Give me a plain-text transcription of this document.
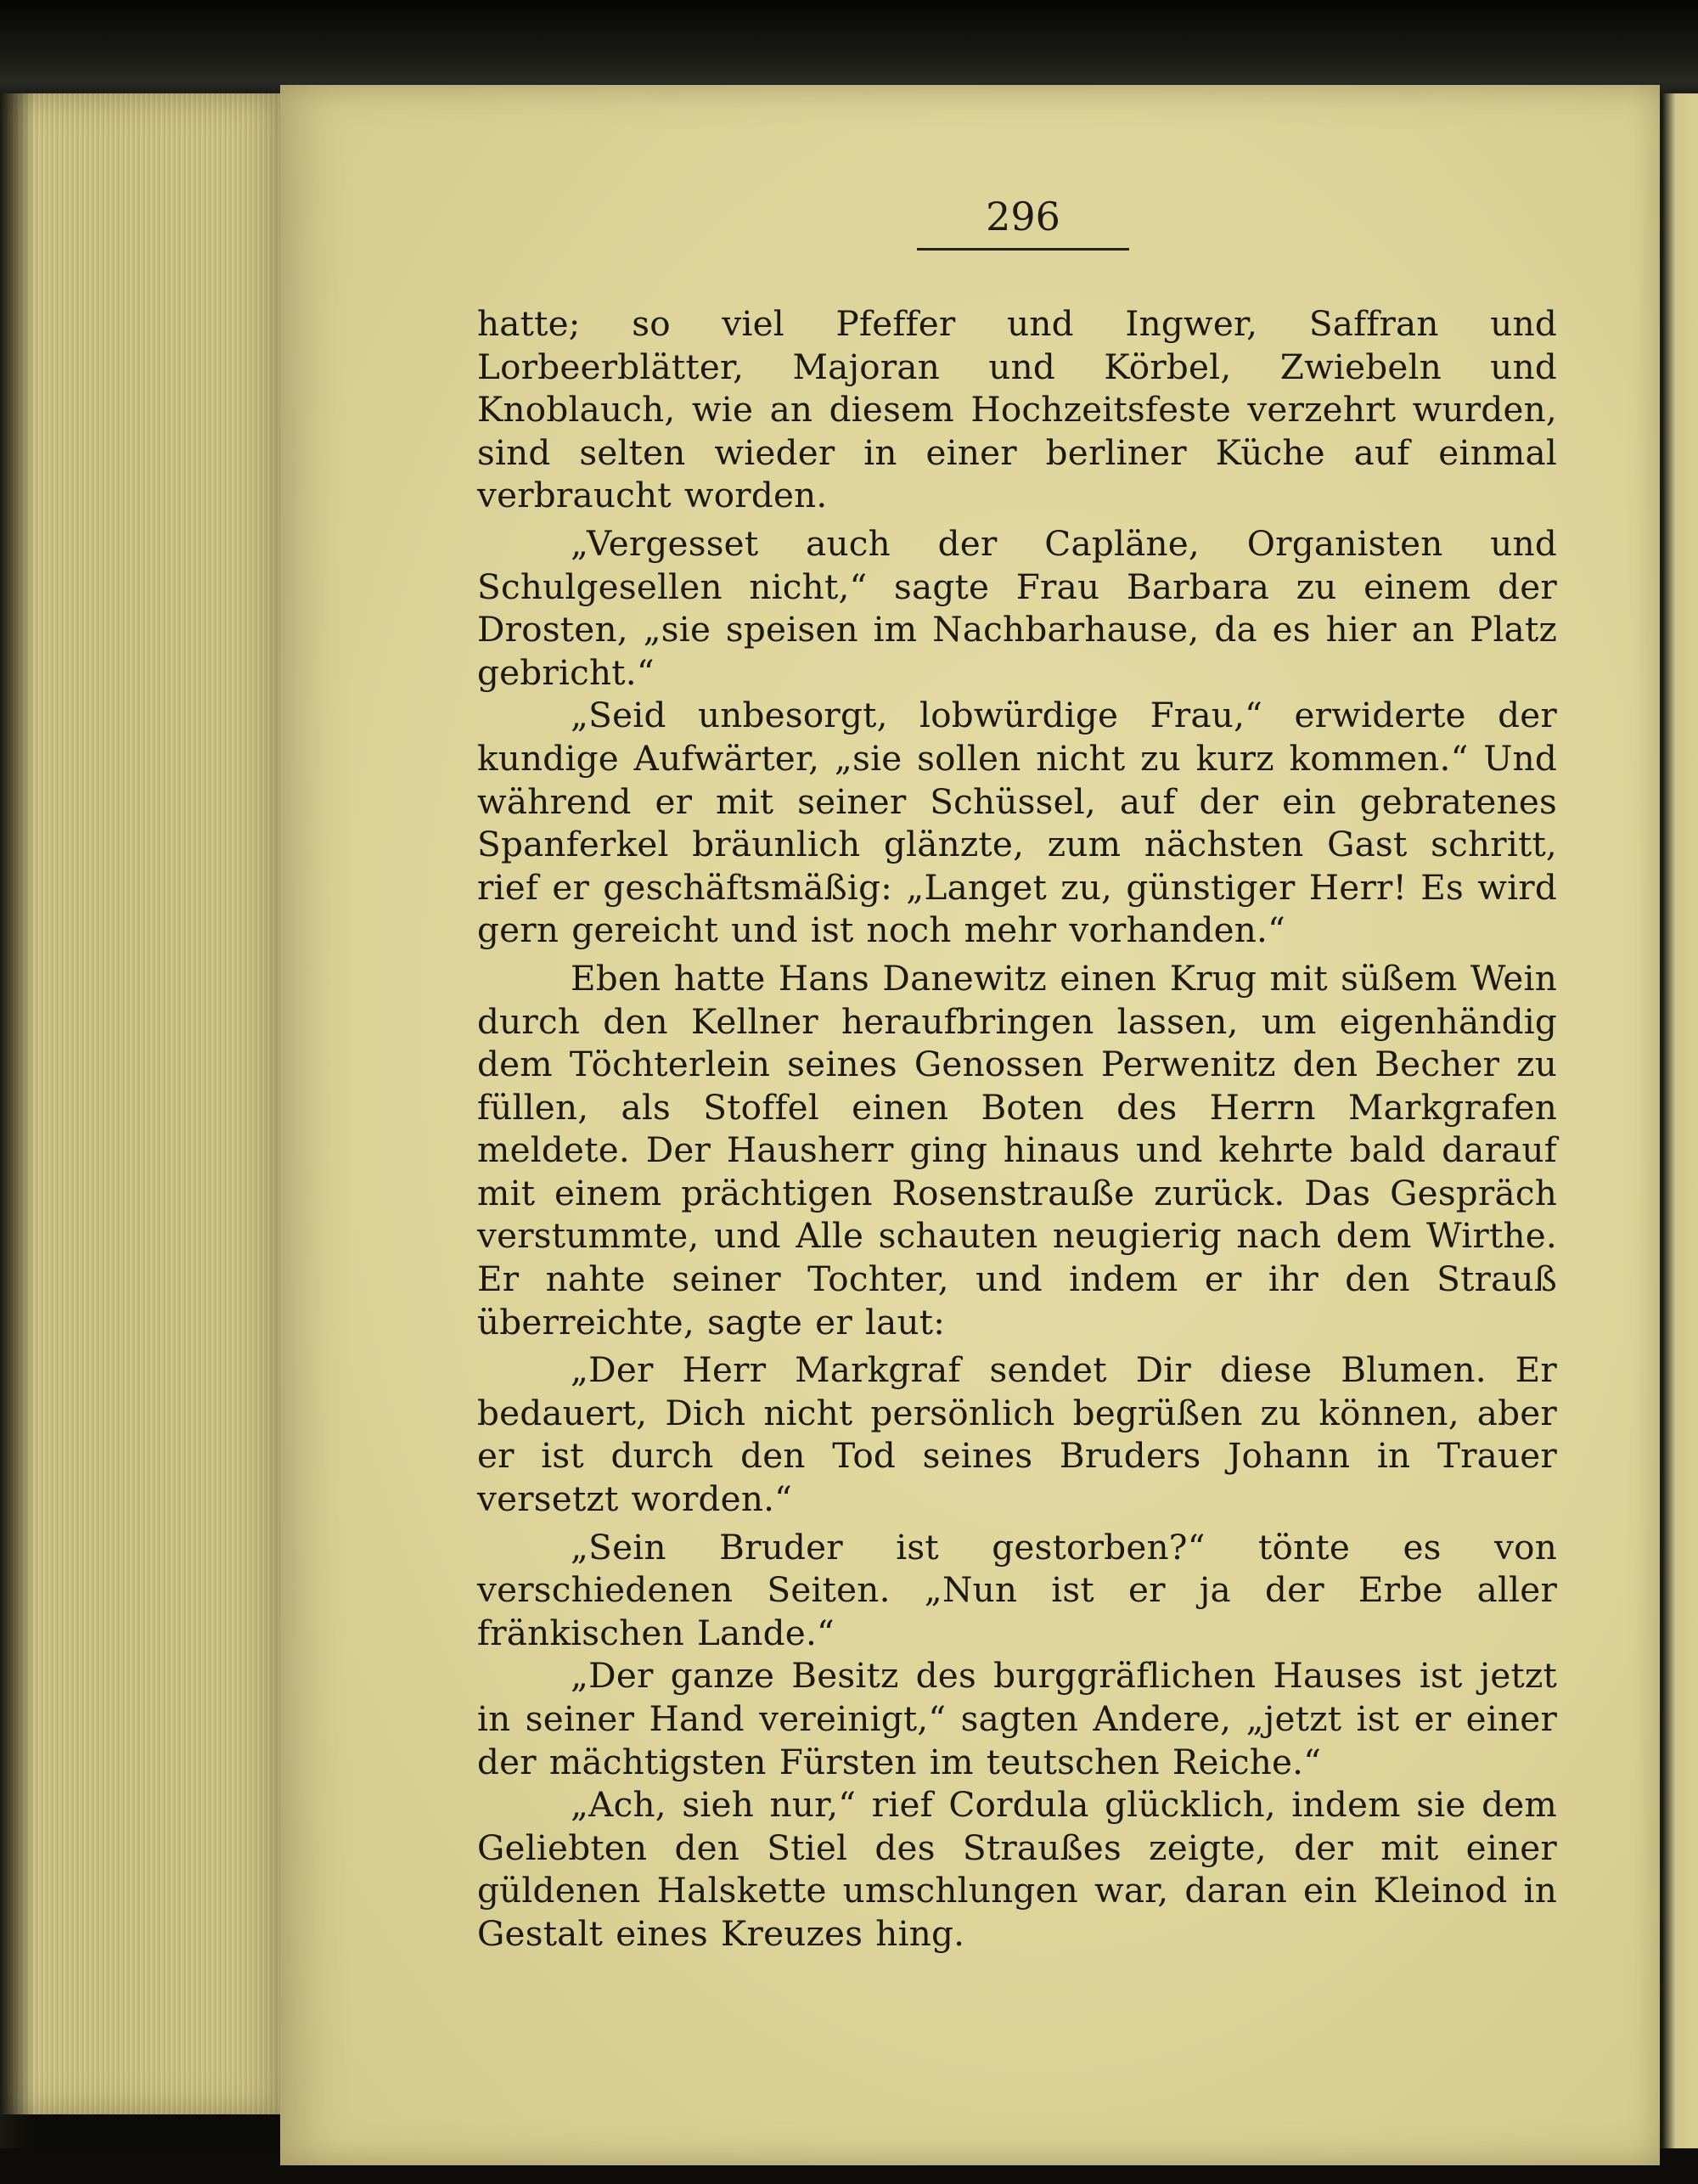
296

hatte; so viel Pfeffer und Ingwer, Saffran und Lorbeerblätter, Majoran und Körbel, Zwiebeln und Knoblauch, wie an diesem Hochzeitsfeste verzehrt wurden, sind selten wieder in einer berliner Küche auf einmal verbraucht worden.

„Vergesset auch der Capläne, Organisten und Schulgesellen nicht,“ sagte Frau Barbara zu einem der Drosten, „sie speisen im Nachbarhause, da es hier an Platz gebricht.“

„Seid unbesorgt, lobwürdige Frau,“ erwiderte der kundige Aufwärter, „sie sollen nicht zu kurz kommen.“ Und während er mit seiner Schüssel, auf der ein gebratenes Spanferkel bräunlich glänzte, zum nächsten Gast schritt, rief er geschäftsmäßig: „Langet zu, günstiger Herr! Es wird gern gereicht und ist noch mehr vorhanden.“

Eben hatte Hans Danewitz einen Krug mit süßem Wein durch den Kellner heraufbringen lassen, um eigenhändig dem Töchterlein seines Genossen Perwenitz den Becher zu füllen, als Stoffel einen Boten des Herrn Markgrafen meldete. Der Hausherr ging hinaus und kehrte bald darauf mit einem prächtigen Rosenstrauße zurück. Das Gespräch verstummte, und Alle schauten neugierig nach dem Wirthe. Er nahte seiner Tochter, und indem er ihr den Strauß überreichte, sagte er laut:

„Der Herr Markgraf sendet Dir diese Blumen. Er bedauert, Dich nicht persönlich begrüßen zu können, aber er ist durch den Tod seines Bruders Johann in Trauer versetzt worden.“

„Sein Bruder ist gestorben?“ tönte es von verschiedenen Seiten. „Nun ist er ja der Erbe aller fränkischen Lande.“

„Der ganze Besitz des burggräflichen Hauses ist jetzt in seiner Hand vereinigt,“ sagten Andere, „jetzt ist er einer der mächtigsten Fürsten im teutschen Reiche.“

„Ach, sieh nur,“ rief Cordula glücklich, indem sie dem Geliebten den Stiel des Straußes zeigte, der mit einer güldenen Halskette umschlungen war, daran ein Kleinod in Gestalt eines Kreuzes hing.
